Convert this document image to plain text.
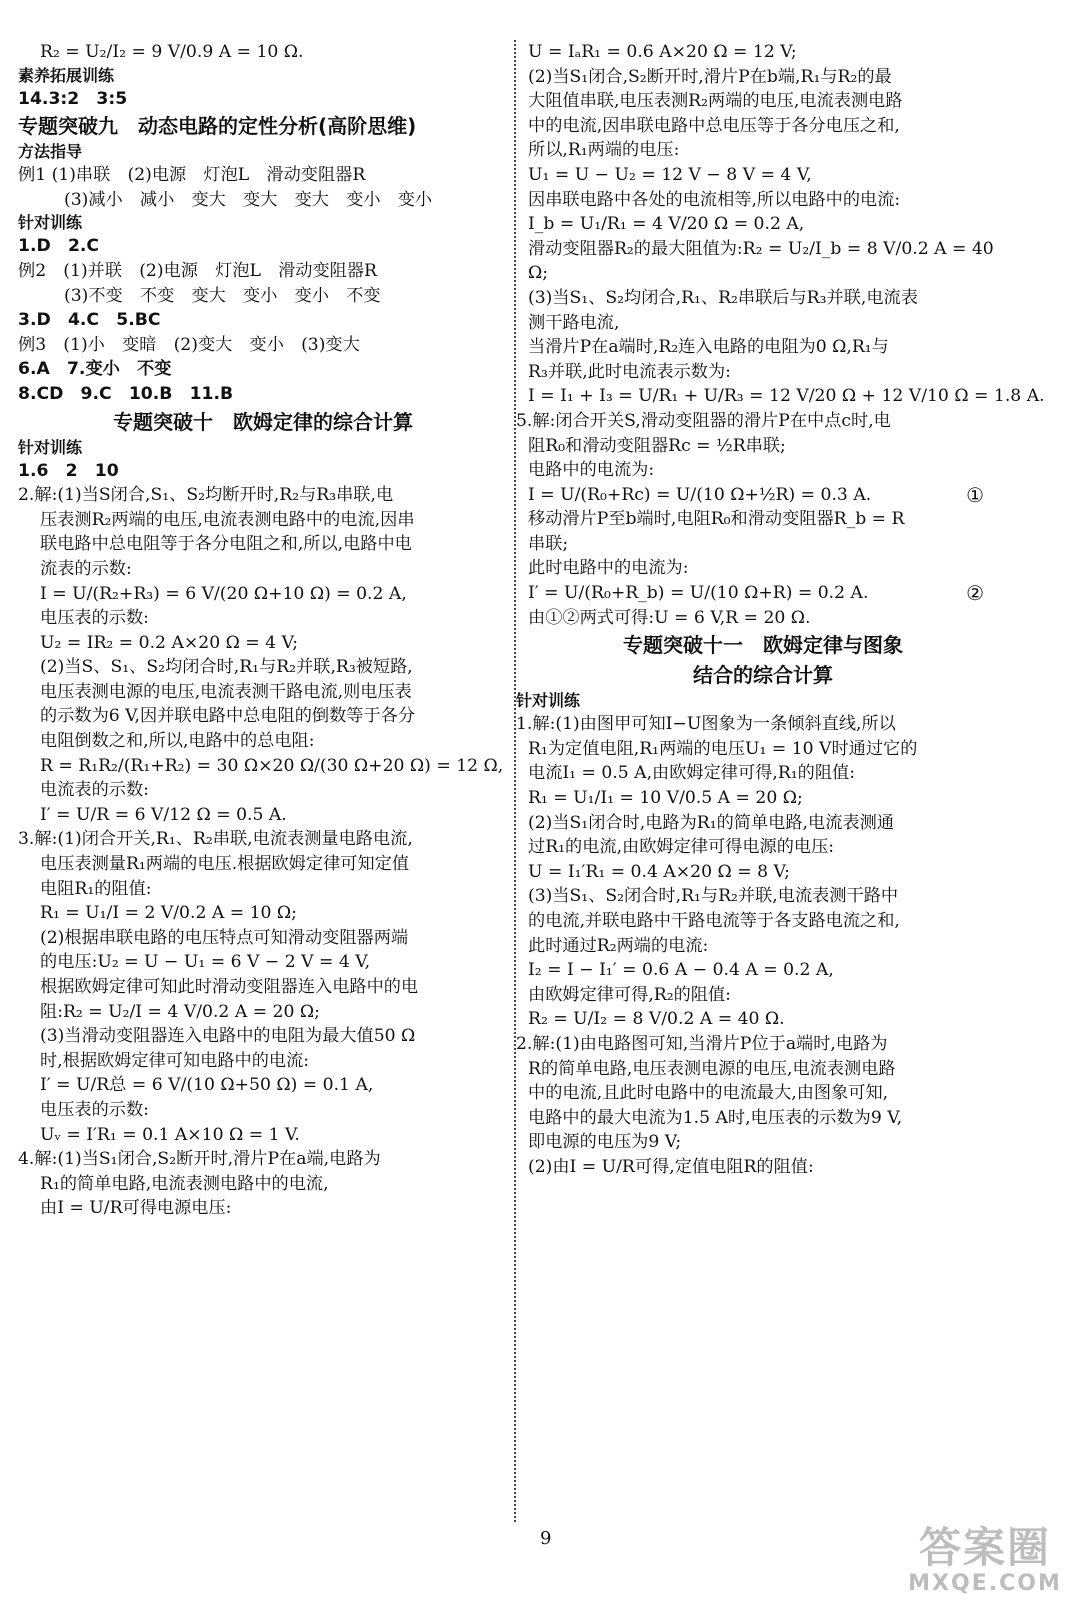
R₂ = U₂/I₂ = 9 V/0.9 A = 10 Ω.
素养拓展训练
14.3:2　3:5
专题突破九　动态电路的定性分析(高阶思维)
方法指导
例1 (1)串联　(2)电源　灯泡L　滑动变阻器R
(3)减小　减小　变大　变大　变大　变小　变小
针对训练
1.D　2.C
例2　(1)并联　(2)电源　灯泡L　滑动变阻器R
(3)不变　不变　变大　变小　变小　不变
3.D　4.C　5.BC
例3　(1)小　变暗　(2)变大　变小　(3)变大
6.A　7.变小　不变
8.CD　9.C　10.B　11.B
专题突破十　欧姆定律的综合计算
针对训练
1.6　2　10
2.解:(1)当S闭合,S₁、S₂均断开时,R₂与R₃串联,电
压表测R₂两端的电压,电流表测电路中的电流,因串
联电路中总电阻等于各分电阻之和,所以,电路中电
流表的示数:
I = U/(R₂+R₃) = 6 V/(20 Ω+10 Ω) = 0.2 A,
电压表的示数:
U₂ = IR₂ = 0.2 A×20 Ω = 4 V;
(2)当S、S₁、S₂均闭合时,R₁与R₂并联,R₃被短路,
电压表测电源的电压,电流表测干路电流,则电压表
的示数为6 V,因并联电路中总电阻的倒数等于各分
电阻倒数之和,所以,电路中的总电阻:
R = R₁R₂/(R₁+R₂) = 30 Ω×20 Ω/(30 Ω+20 Ω) = 12 Ω,
电流表的示数:
I′ = U/R = 6 V/12 Ω = 0.5 A.
3.解:(1)闭合开关,R₁、R₂串联,电流表测量电路电流,
电压表测量R₁两端的电压.根据欧姆定律可知定值
电阻R₁的阻值:
R₁ = U₁/I = 2 V/0.2 A = 10 Ω;
(2)根据串联电路的电压特点可知滑动变阻器两端
的电压:U₂ = U − U₁ = 6 V − 2 V = 4 V,
根据欧姆定律可知此时滑动变阻器连入电路中的电
阻:R₂ = U₂/I = 4 V/0.2 A = 20 Ω;
(3)当滑动变阻器连入电路中的电阻为最大值50 Ω
时,根据欧姆定律可知电路中的电流:
I′ = U/R总 = 6 V/(10 Ω+50 Ω) = 0.1 A,
电压表的示数:
Uᵥ = I′R₁ = 0.1 A×10 Ω = 1 V.
4.解:(1)当S₁闭合,S₂断开时,滑片P在a端,电路为
R₁的简单电路,电流表测电路中的电流,
由I = U/R可得电源电压:
U = IₐR₁ = 0.6 A×20 Ω = 12 V;
(2)当S₁闭合,S₂断开时,滑片P在b端,R₁与R₂的最
大阻值串联,电压表测R₂两端的电压,电流表测电路
中的电流,因串联电路中总电压等于各分电压之和,
所以,R₁两端的电压:
U₁ = U − U₂ = 12 V − 8 V = 4 V,
因串联电路中各处的电流相等,所以电路中的电流:
I_b = U₁/R₁ = 4 V/20 Ω = 0.2 A,
滑动变阻器R₂的最大阻值为:R₂ = U₂/I_b = 8 V/0.2 A = 40
Ω;
(3)当S₁、S₂均闭合,R₁、R₂串联后与R₃并联,电流表
测干路电流,
当滑片P在a端时,R₂连入电路的电阻为0 Ω,R₁与
R₃并联,此时电流表示数为:
I = I₁ + I₃ = U/R₁ + U/R₃ = 12 V/20 Ω + 12 V/10 Ω = 1.8 A.
5.解:闭合开关S,滑动变阻器的滑片P在中点c时,电
阻R₀和滑动变阻器Rc = ½R串联;
电路中的电流为:
I = U/(R₀+Rc) = U/(10 Ω+½R) = 0.3 A.	①
移动滑片P至b端时,电阻R₀和滑动变阻器R_b = R
串联;
此时电路中的电流为:
I′ = U/(R₀+R_b) = U/(10 Ω+R) = 0.2 A.	②
由①②两式可得:U = 6 V,R = 20 Ω.
专题突破十一　欧姆定律与图象
结合的综合计算
针对训练
1.解:(1)由图甲可知I−U图象为一条倾斜直线,所以
R₁为定值电阻,R₁两端的电压U₁ = 10 V时通过它的
电流I₁ = 0.5 A,由欧姆定律可得,R₁的阻值:
R₁ = U₁/I₁ = 10 V/0.5 A = 20 Ω;
(2)当S₁闭合时,电路为R₁的简单电路,电流表测通
过R₁的电流,由欧姆定律可得电源的电压:
U = I₁′R₁ = 0.4 A×20 Ω = 8 V;
(3)当S₁、S₂闭合时,R₁与R₂并联,电流表测干路中
的电流,并联电路中干路电流等于各支路电流之和,
此时通过R₂两端的电流:
I₂ = I − I₁′ = 0.6 A − 0.4 A = 0.2 A,
由欧姆定律可得,R₂的阻值:
R₂ = U/I₂ = 8 V/0.2 A = 40 Ω.
2.解:(1)由电路图可知,当滑片P位于a端时,电路为
R的简单电路,电压表测电源的电压,电流表测电路
中的电流,且此时电路中的电流最大,由图象可知,
电路中的最大电流为1.5 A时,电压表的示数为9 V,
即电源的电压为9 V;
(2)由I = U/R可得,定值电阻R的阻值:
9	答案圈
MXQE.COM
